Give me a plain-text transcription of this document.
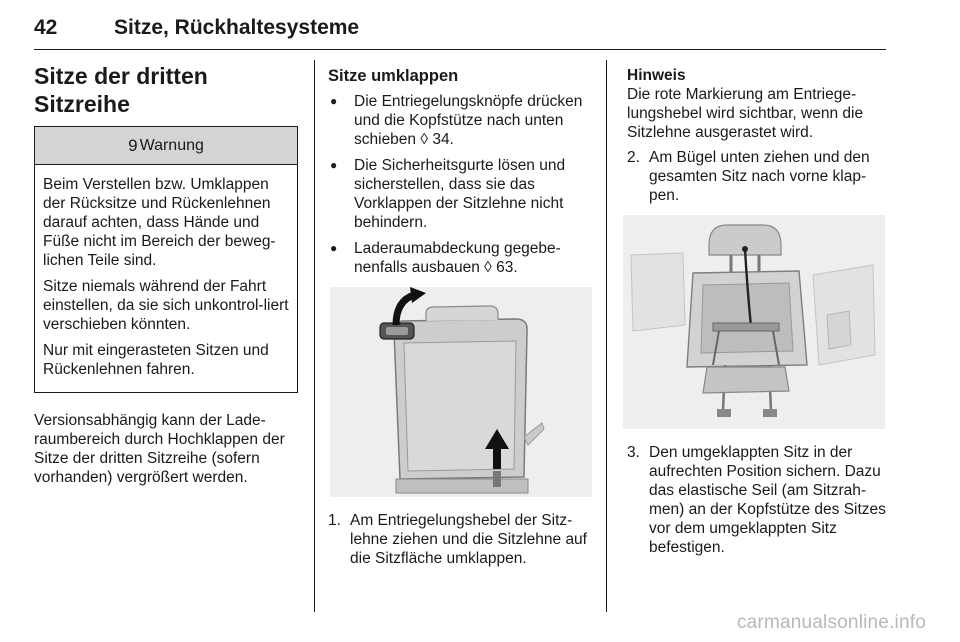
42	Sitze, Rückhaltesysteme
Sitze der dritten Sitzreihe
9 Warnung

Beim Verstellen bzw. Umklappen der Rücksitze und Rückenlehnen darauf achten, dass Hände und Füße nicht im Bereich der beweg-lichen Teile sind.

Sitze niemals während der Fahrt einstellen, da sie sich unkontrol-liert verschieben könnten.

Nur mit eingerasteten Sitzen und Rückenlehnen fahren.

Versionsabhängig kann der Lade-raumbereich durch Hochklappen der Sitze der dritten Sitzreihe (sofern vorhanden) vergrößert werden.

Sitze umklappen
● Die Entriegelungsknöpfe drücken und die Kopfstütze nach unten schieben ◊ 34.
● Die Sicherheitsgurte lösen und sicherstellen, dass sie das Vorklappen der Sitzlehne nicht behindern.
● Laderaumabdeckung gegebe-nenfalls ausbauen ◊ 63.
1. Am Entriegelungshebel der Sitz-lehne ziehen und die Sitzlehne auf die Sitzfläche umklappen.
Hinweis
Die rote Markierung am Entriege-lungshebel wird sichtbar, wenn die Sitzlehne ausgerastet wird.
2. Am Bügel unten ziehen und den gesamten Sitz nach vorne klap-pen.
3. Den umgeklappten Sitz in der aufrechten Position sichern. Dazu das elastische Seil (am Sitzrah-men) an der Kopfstütze des Sitzes vor dem umgeklappten Sitz befestigen.
carmanualsonline.info
